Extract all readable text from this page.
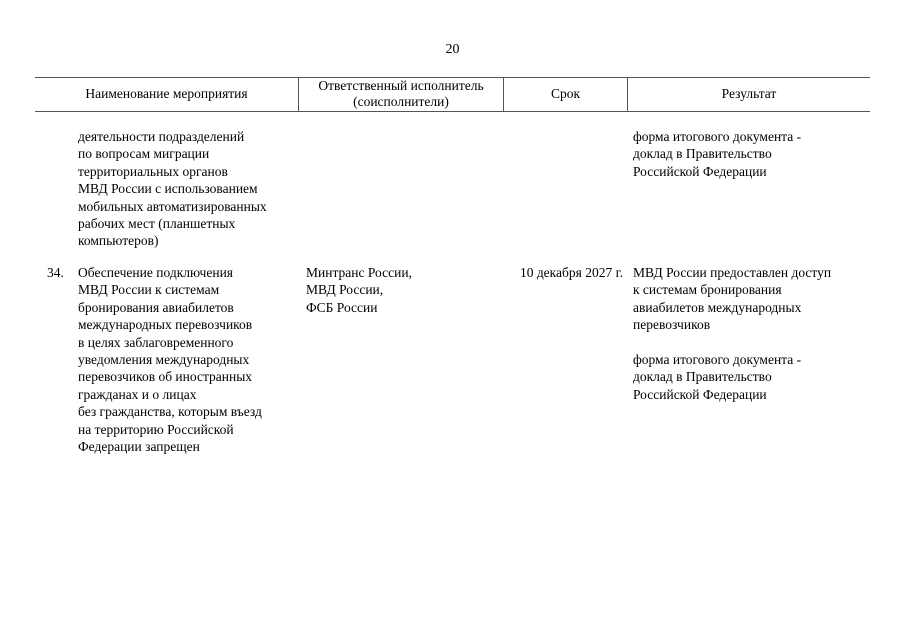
20
Наименование мероприятия
Ответственный исполнитель
(соисполнители)
Срок	Результат
деятельности подразделений
по вопросам миграции
территориальных органов
МВД России с использованием
мобильных автоматизированных
рабочих мест (планшетных
компьютеров)
форма итогового документа -
доклад в Правительство
Российской Федерации
34. Обеспечение подключения
МВД России к системам
бронирования авиабилетов
международных перевозчиков
в целях заблаговременного
уведомления международных
перевозчиков об иностранных
гражданах и о лицах
без гражданства, которым въезд
на территорию Российской
Федерации запрещен
Минтранс России,
МВД России,
ФСБ России
10 декабря 2027 г. МВД России предоставлен доступ
к системам бронирования
авиабилетов международных
перевозчиков
форма итогового документа -
доклад в Правительство
Российской Федерации
